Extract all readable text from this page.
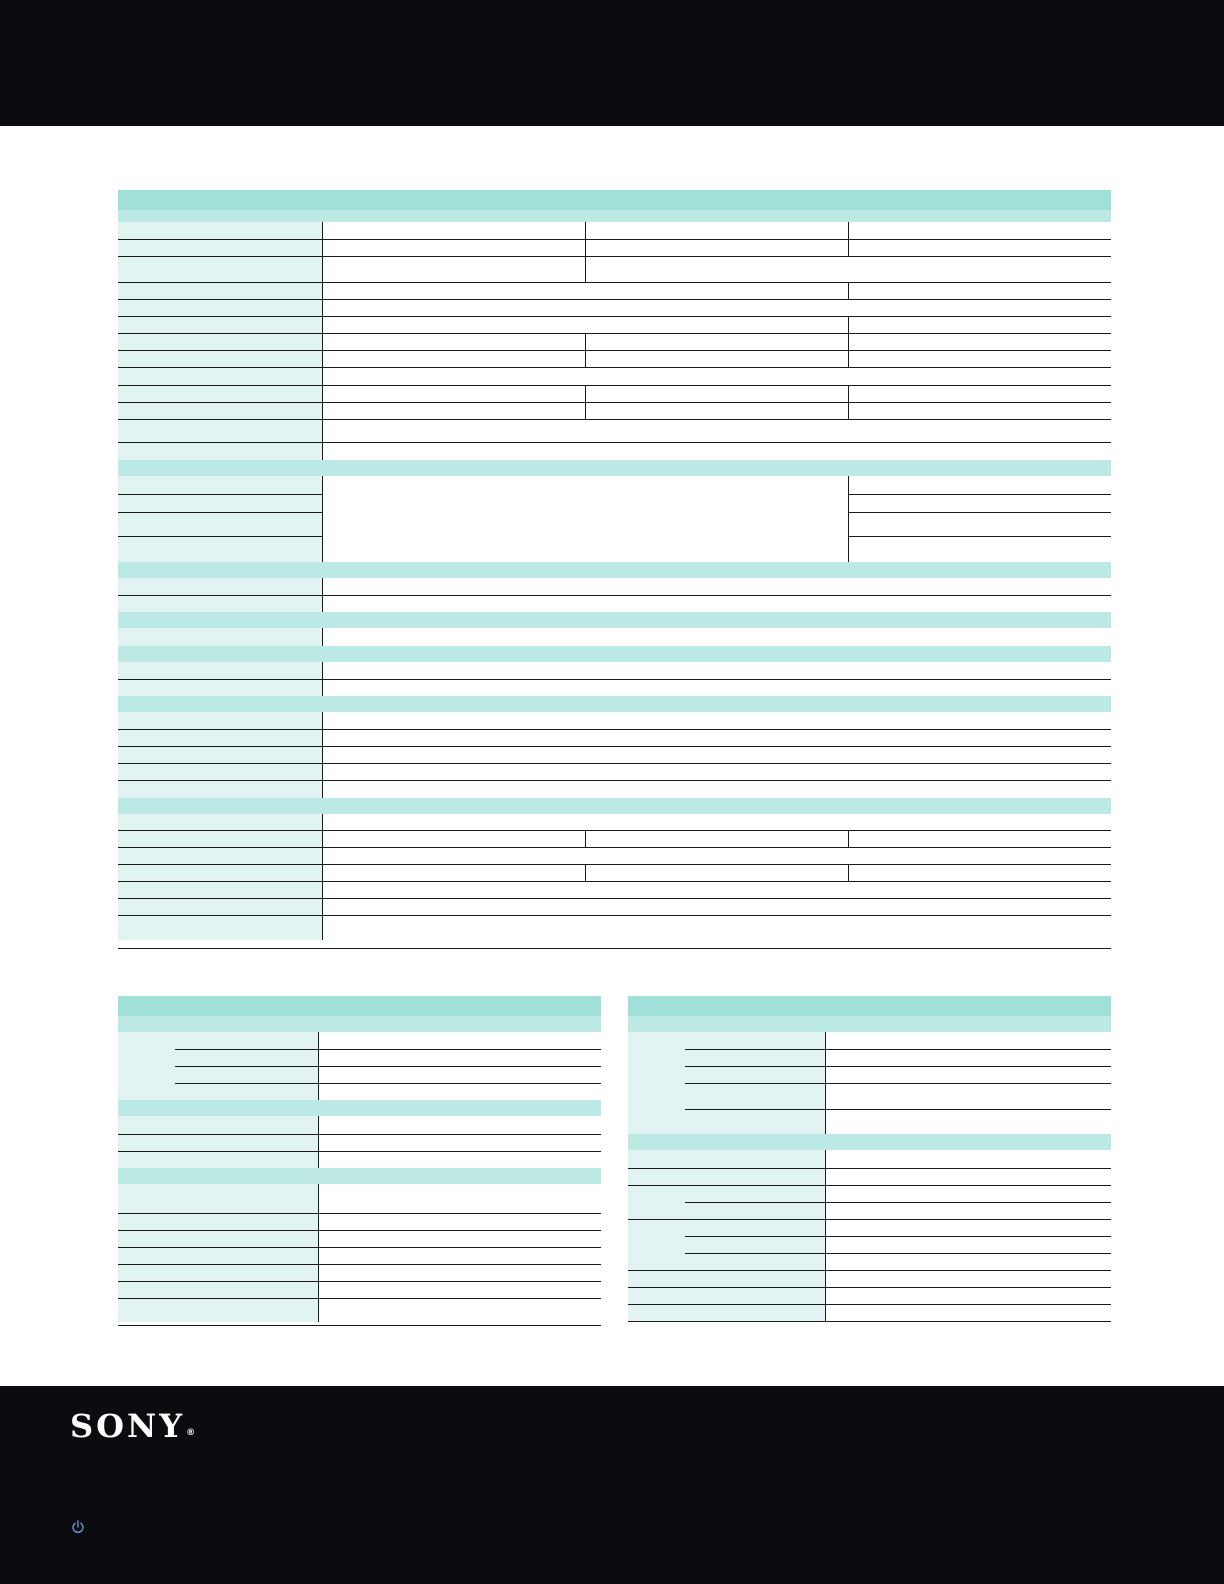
SONY®
